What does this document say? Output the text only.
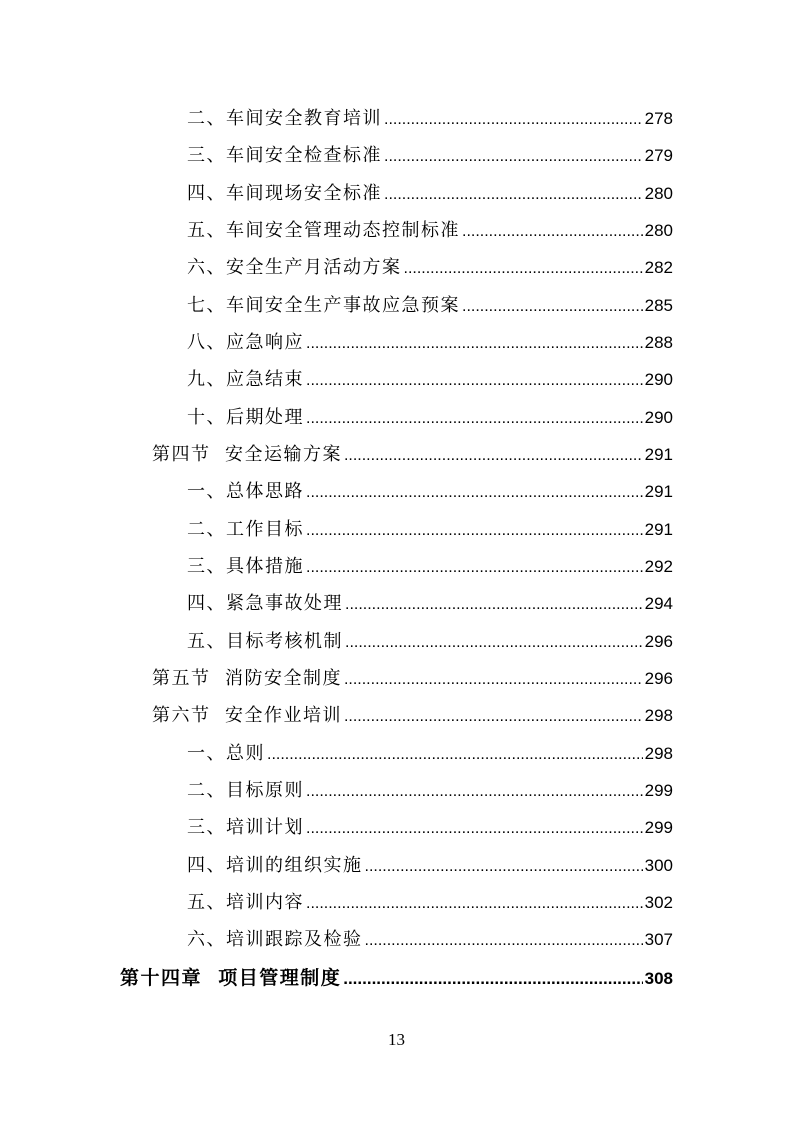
二、车间安全教育培训 .....	278
三、车间安全检查标准 .....	279
四、车间现场安全标准 .....	280
五、车间安全管理动态控制标准 .....	280
六、安全生产月活动方案 .....	282
七、车间安全生产事故应急预案 .....	285
八、应急响应 .....	288
九、应急结束 .....	290
十、后期处理 .....	290
第四节  安全运输方案 .....	291
一、总体思路 .....	291
二、工作目标 .....	291
三、具体措施 .....	292
四、紧急事故处理 .....	294
五、目标考核机制 .....	296
第五节  消防安全制度 .....	296
第六节  安全作业培训 .....	298
一、总则 .....	298
二、目标原则 .....	299
三、培训计划 .....	299
四、培训的组织实施 .....	300
五、培训内容 .....	302
六、培训跟踪及检验 .....	307
第十四章  项目管理制度 .....	308
13
